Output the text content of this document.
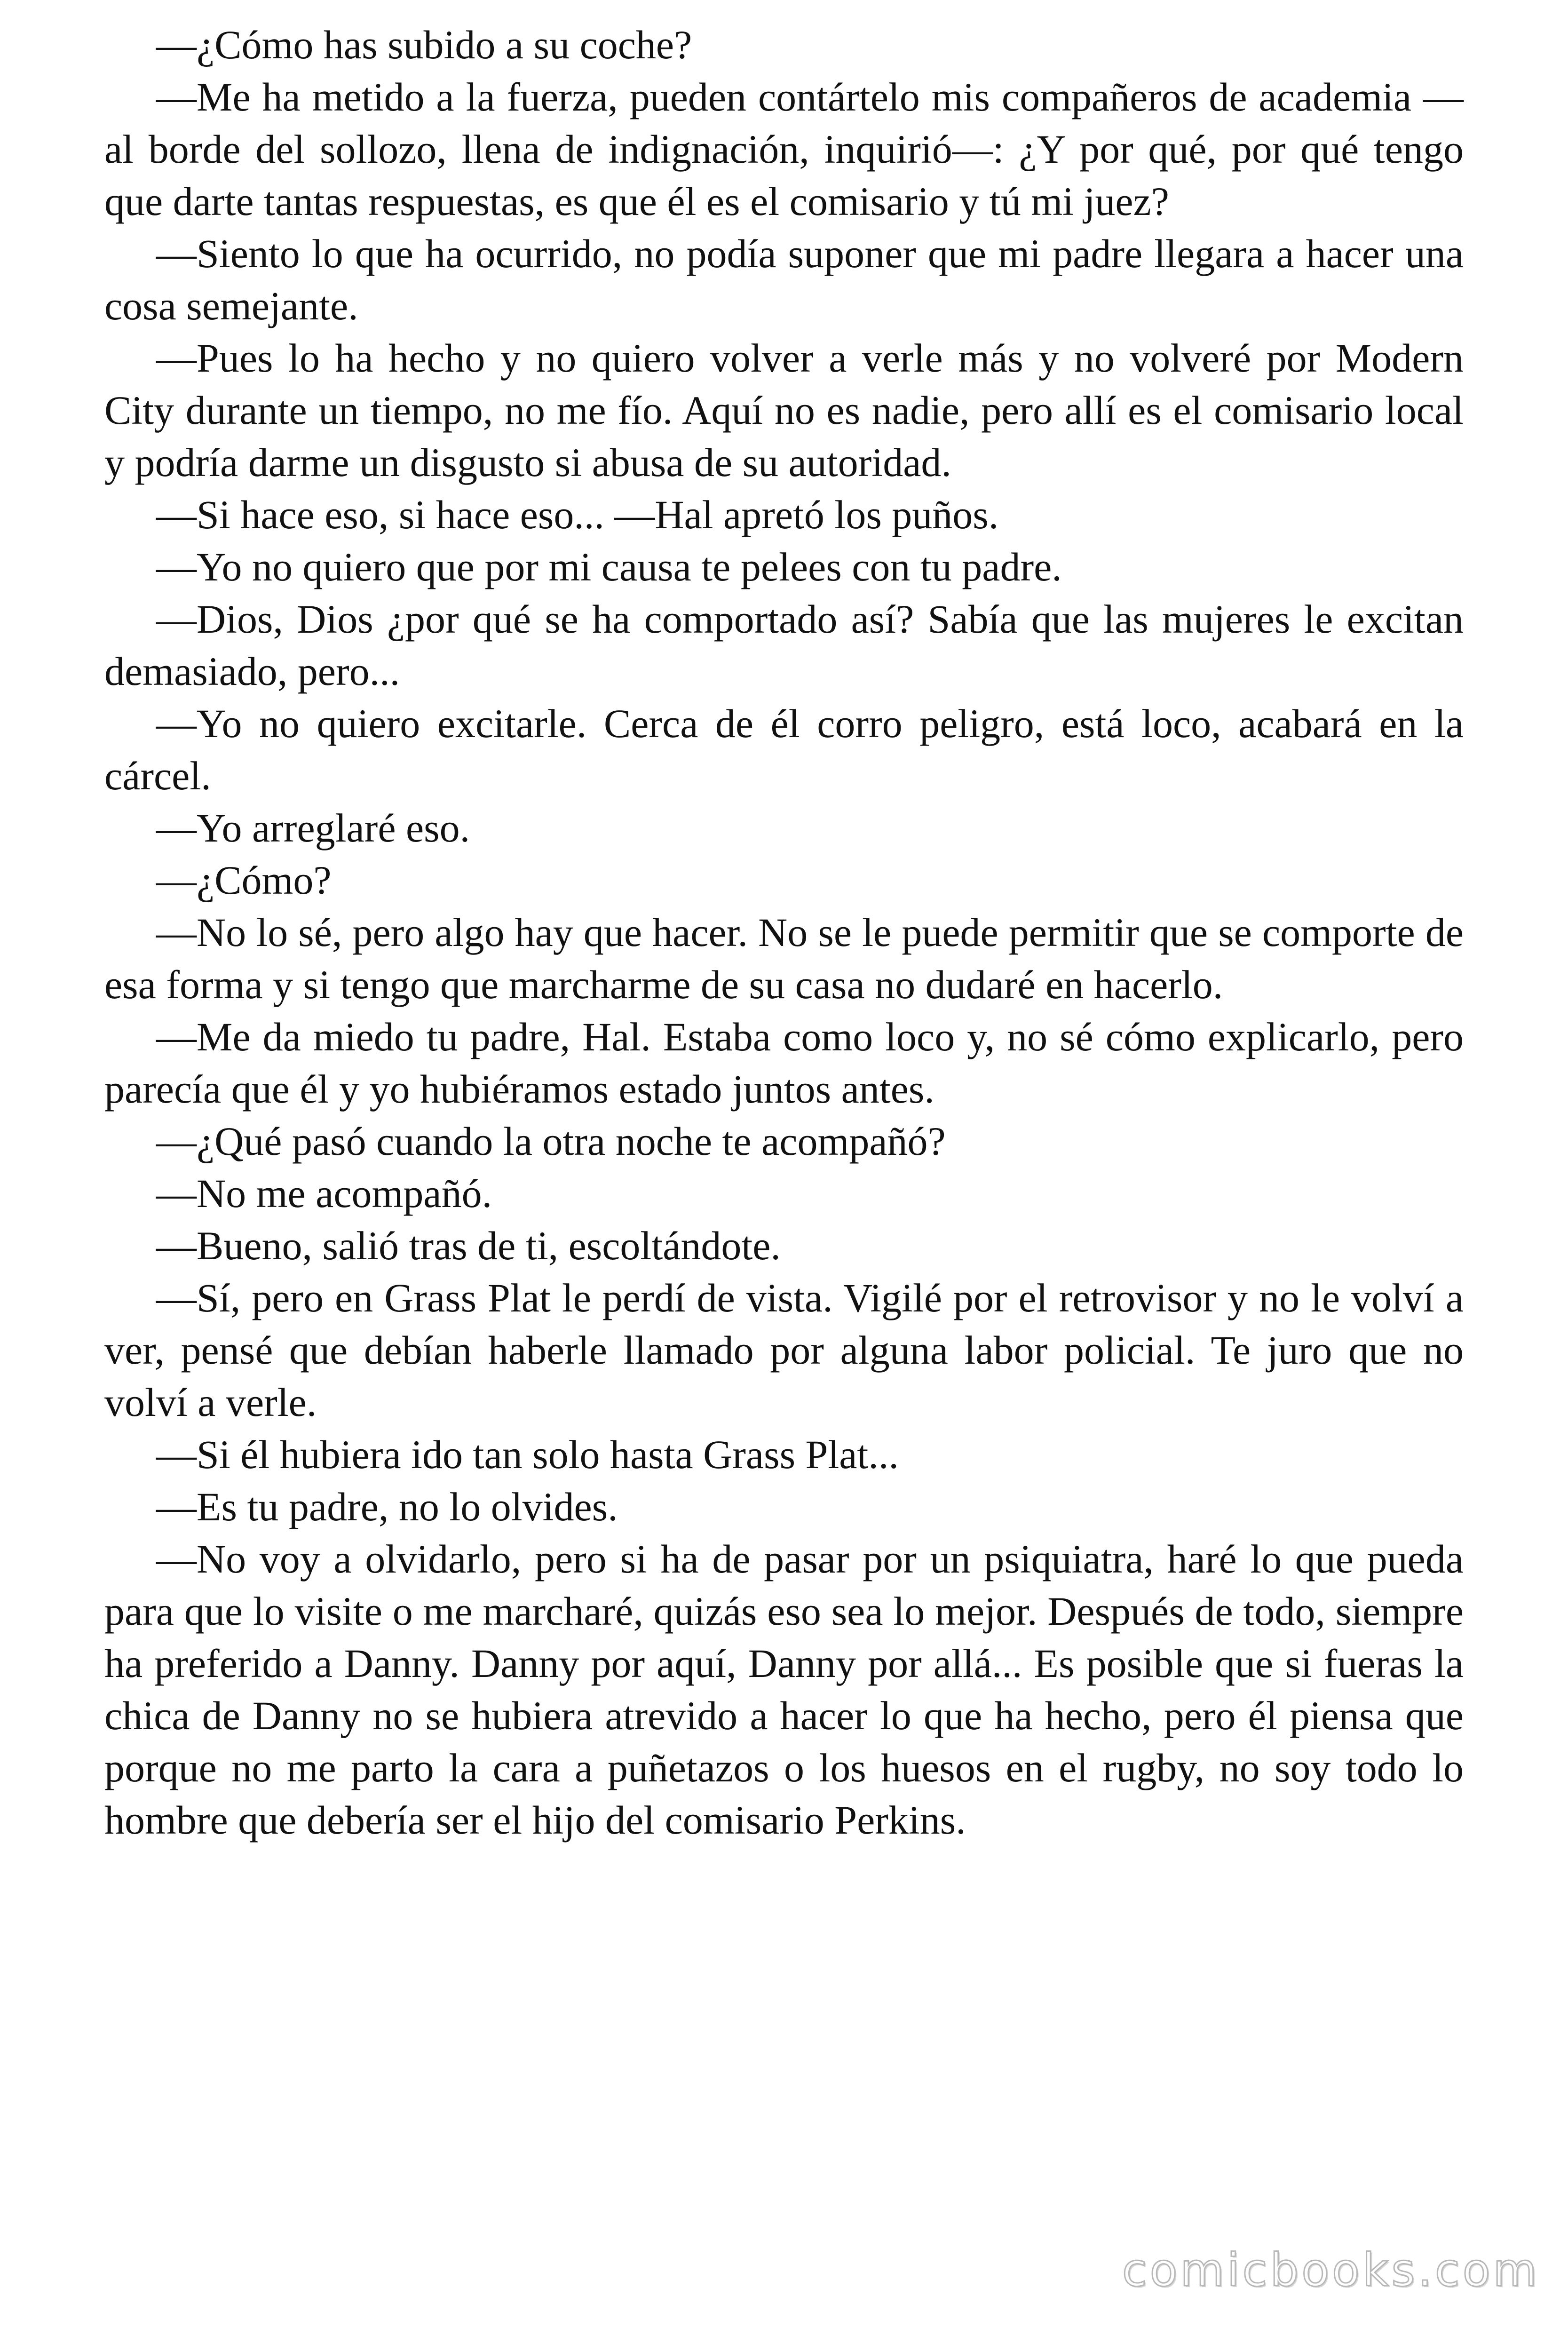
—¿Cómo has subido a su coche?

—Me ha metido a la fuerza, pueden contártelo mis compañeros de academia —al borde del sollozo, llena de indignación, inquirió—: ¿Y por qué, por qué tengo que darte tantas respuestas, es que él es el comisario y tú mi juez?

—Siento lo que ha ocurrido, no podía suponer que mi padre llegara a hacer una cosa semejante.

—Pues lo ha hecho y no quiero volver a verle más y no volveré por Modern City durante un tiempo, no me fío. Aquí no es nadie, pero allí es el comisario local y podría darme un disgusto si abusa de su autoridad.

—Si hace eso, si hace eso... —Hal apretó los puños.

—Yo no quiero que por mi causa te pelees con tu padre.

—Dios, Dios ¿por qué se ha comportado así? Sabía que las mujeres le excitan demasiado, pero...

—Yo no quiero excitarle. Cerca de él corro peligro, está loco, acabará en la cárcel.

—Yo arreglaré eso.

—¿Cómo?

—No lo sé, pero algo hay que hacer. No se le puede permitir que se comporte de esa forma y si tengo que marcharme de su casa no dudaré en hacerlo.

—Me da miedo tu padre, Hal. Estaba como loco y, no sé cómo explicarlo, pero parecía que él y yo hubiéramos estado juntos antes.

—¿Qué pasó cuando la otra noche te acompañó?

—No me acompañó.

—Bueno, salió tras de ti, escoltándote.

—Sí, pero en Grass Plat le perdí de vista. Vigilé por el retrovisor y no le volví a ver, pensé que debían haberle llamado por alguna labor policial. Te juro que no volví a verle.

—Si él hubiera ido tan solo hasta Grass Plat...

—Es tu padre, no lo olvides.

—No voy a olvidarlo, pero si ha de pasar por un psiquiatra, haré lo que pueda para que lo visite o me marcharé, quizás eso sea lo mejor. Después de todo, siempre ha preferido a Danny. Danny por aquí, Danny por allá... Es posible que si fueras la chica de Danny no se hubiera atrevido a hacer lo que ha hecho, pero él piensa que porque no me parto la cara a puñetazos o los huesos en el rugby, no soy todo lo hombre que debería ser el hijo del comisario Perkins.

comicbooks.com
